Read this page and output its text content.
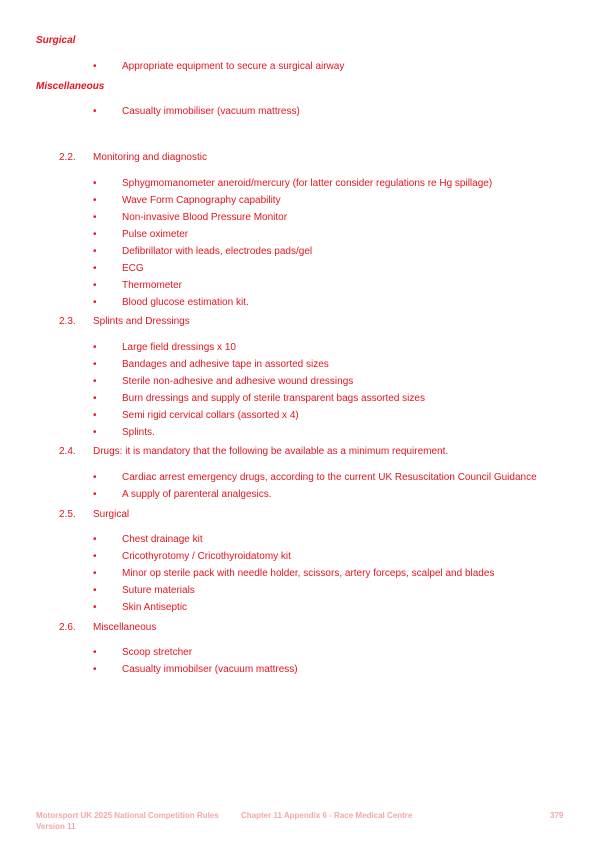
Surgical
•	Appropriate equipment to secure a surgical airway
Miscellaneous
•	Casualty immobiliser (vacuum mattress)
2.2. Monitoring and diagnostic
•	Sphygmomanometer aneroid/mercury (for latter consider regulations re Hg spillage)
•	Wave Form Capnography capability
•	Non-invasive Blood Pressure Monitor
•	Pulse oximeter
•	Defibrillator with leads, electrodes pads/gel
•	ECG
•	Thermometer
•	Blood glucose estimation kit.
2.3. Splints and Dressings
•	Large field dressings x 10
•	Bandages and adhesive tape in assorted sizes
•	Sterile non-adhesive and adhesive wound dressings
•	Burn dressings and supply of sterile transparent bags assorted sizes
•	Semi rigid cervical collars (assorted x 4)
•	Splints.
2.4. Drugs: it is mandatory that the following be available as a minimum requirement.
•	Cardiac arrest emergency drugs, according to the current UK Resuscitation Council Guidance
•	A supply of parenteral analgesics.
2.5. Surgical
•	Chest drainage kit
•	Cricothyrotomy / Cricothyroidatomy kit
•	Minor op sterile pack with needle holder, scissors, artery forceps, scalpel and blades
•	Suture materials
•	Skin Antiseptic
2.6. Miscellaneous
•	Scoop stretcher
•	Casualty immobilser (vacuum mattress)
Motorsport UK 2025 National Competition Rules
Version 11
Chapter 11 Appendix 6 - Race Medical Centre	379
